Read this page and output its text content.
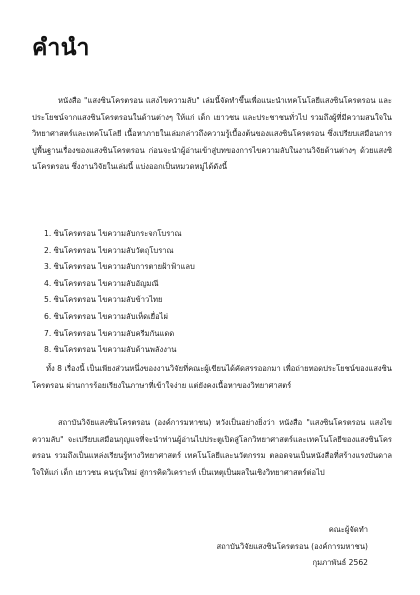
คำนำ
หนังสือ "แสงซินโครตรอน แสงไขความลับ" เล่มนี้จัดทำขึ้นเพื่อแนะนำเทคโนโลยีแสงซินโครตรอน และประโยชน์จากแสงซินโครตรอนในด้านต่างๆ ให้แก่ เด็ก เยาวชน และประชาชนทั่วไป รวมถึงผู้ที่มีความสนใจในวิทยาศาสตร์และเทคโนโลยี เนื้อหาภายในเล่มกล่าวถึงความรู้เบื้องต้นของแสงซินโครตรอน ซึ่งเปรียบเสมือนการปูพื้นฐานเรื่องของแสงซินโครตรอน ก่อนจะนำผู้อ่านเข้าสู่บทของการไขความลับในงานวิจัยด้านต่างๆ ด้วยแสงซินโครตรอน ซึ่งงานวิจัยในเล่มนี้ แบ่งออกเป็นหมวดหมู่ได้ดังนี้
1. ซินโครตรอน ไขความลับกระจกโบราณ
2. ซินโครตรอน ไขความลับวัตถุโบราณ
3. ซินโครตรอน ไขความลับการตายฝ้าฟ้าแลบ
4. ซินโครตรอน ไขความลับอัญมณี
5. ซินโครตรอน ไขความลับข้าวไทย
6. ซินโครตรอน ไขความลับเห็ดเยื่อไผ่
7. ซินโครตรอน ไขความลับครีมกันแดด
8. ซินโครตรอน ไขความลับด้านพลังงาน
ทั้ง 8 เรื่องนี้ เป็นเพียงส่วนหนึ่งของงานวิจัยที่คณะผู้เขียนได้คัดสรรออกมา เพื่อถ่ายทอดประโยชน์ของแสงซินโครตรอน ผ่านการร้อยเรียงในภาษาที่เข้าใจง่าย แต่ยังคงเนื้อหาของวิทยาศาสตร์
สถาบันวิจัยแสงซินโครตรอน (องค์การมหาชน) หวังเป็นอย่างยิ่งว่า หนังสือ "แสงซินโครตรอน แสงไขความลับ" จะเปรียบเสมือนกุญแจที่จะนำท่านผู้อ่านไปประตูเปิดสู่โลกวิทยาศาสตร์และเทคโนโลยีของแสงซินโครตรอน รวมถึงเป็นแหล่งเรียนรู้ทางวิทยาศาสตร์ เทคโนโลยีและนวัตกรรม ตลอดจนเป็นหนังสือที่สร้างแรงบันดาลใจให้แก่ เด็ก เยาวชน คนรุ่นใหม่ สู่การคิดวิเคราะห์ เป็นเหตุเป็นผลในเชิงวิทยาศาสตร์ต่อไป
คณะผู้จัดทำ
สถาบันวิจัยแสงซินโครตรอน (องค์การมหาชน)
กุมภาพันธ์ 2562
